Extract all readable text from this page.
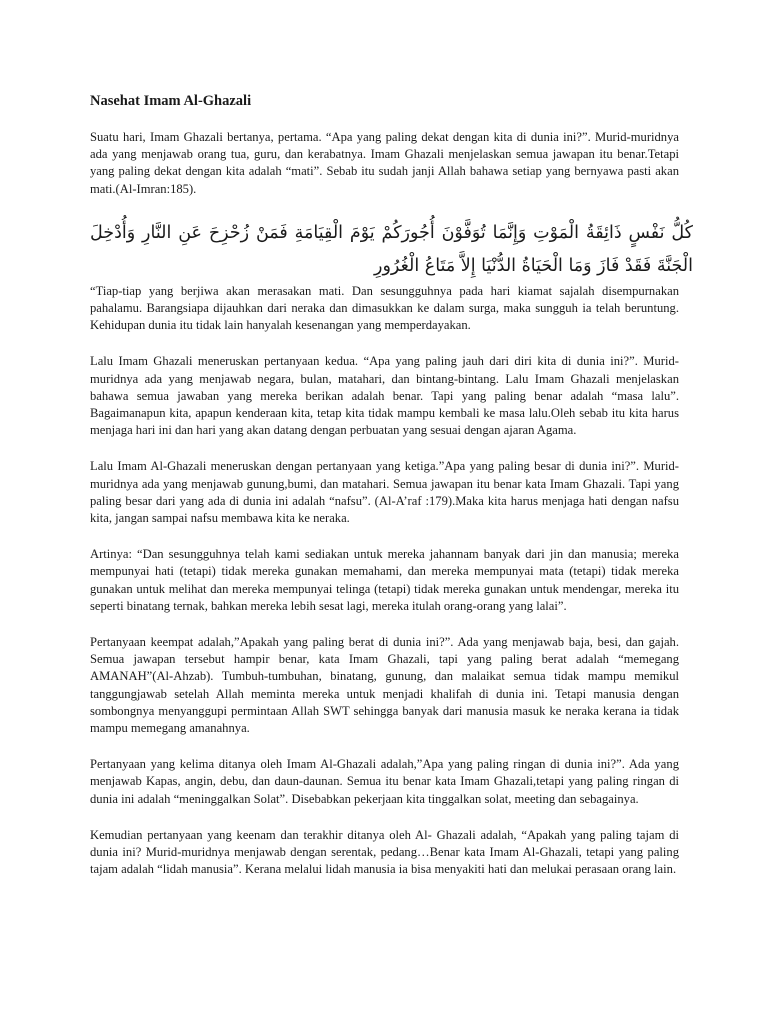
Nasehat Imam Al-Ghazali

Suatu hari, Imam Ghazali bertanya, pertama. “Apa yang paling dekat dengan kita di dunia ini?”. Murid-muridnya ada yang menjawab orang tua, guru, dan kerabatnya. Imam Ghazali menjelaskan semua jawapan itu benar.Tetapi yang paling dekat dengan kita adalah “mati”. Sebab itu sudah janji Allah bahawa setiap yang bernyawa pasti akan mati.(Al-Imran:185).

كُلُّ نَفْسٍ ذَائِقَةُ الْمَوْتِ وَإِنَّمَا تُوَفَّوْنَ أُجُورَكُمْ يَوْمَ الْقِيَامَةِ فَمَنْ زُحْزِحَ عَنِ النَّارِ وَأُدْخِلَ الْجَنَّةَ فَقَدْ فَازَ وَمَا الْحَيَاةُ الدُّنْيَا إِلاَّ مَتَاعُ الْغُرُورِ

“Tiap-tiap yang berjiwa akan merasakan mati. Dan sesungguhnya pada hari kiamat sajalah disempurnakan pahalamu. Barangsiapa dijauhkan dari neraka dan dimasukkan ke dalam surga, maka sungguh ia telah beruntung. Kehidupan dunia itu tidak lain hanyalah kesenangan yang memperdayakan.

Lalu Imam Ghazali meneruskan pertanyaan kedua. “Apa yang paling jauh dari diri kita di dunia ini?”. Murid-muridnya ada yang menjawab negara, bulan, matahari, dan bintang-bintang. Lalu Imam Ghazali menjelaskan bahawa semua jawaban yang mereka berikan adalah benar. Tapi yang paling benar adalah “masa lalu”. Bagaimanapun kita, apapun kenderaan kita, tetap kita tidak mampu kembali ke masa lalu.Oleh sebab itu kita harus menjaga hari ini dan hari yang akan datang dengan perbuatan yang sesuai dengan ajaran Agama.

Lalu Imam Al-Ghazali meneruskan dengan pertanyaan yang ketiga.”Apa yang paling besar di dunia ini?”. Murid-muridnya ada yang menjawab gunung,bumi, dan matahari. Semua jawapan itu benar kata Imam Ghazali. Tapi yang paling besar dari yang ada di dunia ini adalah “nafsu”. (Al-A’raf :179).Maka kita harus menjaga hati dengan nafsu kita, jangan sampai nafsu membawa kita ke neraka.

Artinya: “Dan sesungguhnya telah kami sediakan untuk mereka jahannam banyak dari jin dan manusia; mereka mempunyai hati (tetapi) tidak mereka gunakan memahami, dan mereka mempunyai mata (tetapi) tidak mereka gunakan untuk melihat dan mereka mempunyai telinga (tetapi) tidak mereka gunakan untuk mendengar, mereka itu seperti binatang ternak, bahkan mereka lebih sesat lagi, mereka itulah orang-orang yang lalai”.

Pertanyaan keempat adalah,”Apakah yang paling berat di dunia ini?”. Ada yang menjawab baja, besi, dan gajah. Semua jawapan tersebut hampir benar, kata Imam Ghazali, tapi yang paling berat adalah “memegang AMANAH”(Al-Ahzab). Tumbuh-tumbuhan, binatang, gunung, dan malaikat semua tidak mampu memikul tanggungjawab setelah Allah meminta mereka untuk menjadi khalifah di dunia ini. Tetapi manusia dengan sombongnya menyanggupi permintaan Allah SWT sehingga banyak dari manusia masuk ke neraka kerana ia tidak mampu memegang amanahnya.

Pertanyaan yang kelima ditanya oleh Imam Al-Ghazali adalah,”Apa yang paling ringan di dunia ini?”. Ada yang menjawab Kapas, angin, debu, dan daun-daunan. Semua itu benar kata Imam Ghazali,tetapi yang paling ringan di dunia ini adalah “meninggalkan Solat”. Disebabkan pekerjaan kita tinggalkan solat, meeting dan sebagainya.

Kemudian pertanyaan yang keenam dan terakhir ditanya oleh Al- Ghazali adalah, “Apakah yang paling tajam di dunia ini? Murid-muridnya menjawab dengan serentak, pedang…Benar kata Imam Al-Ghazali, tetapi yang paling tajam adalah “lidah manusia”. Kerana melalui lidah manusia ia bisa menyakiti hati dan melukai perasaan orang lain.
